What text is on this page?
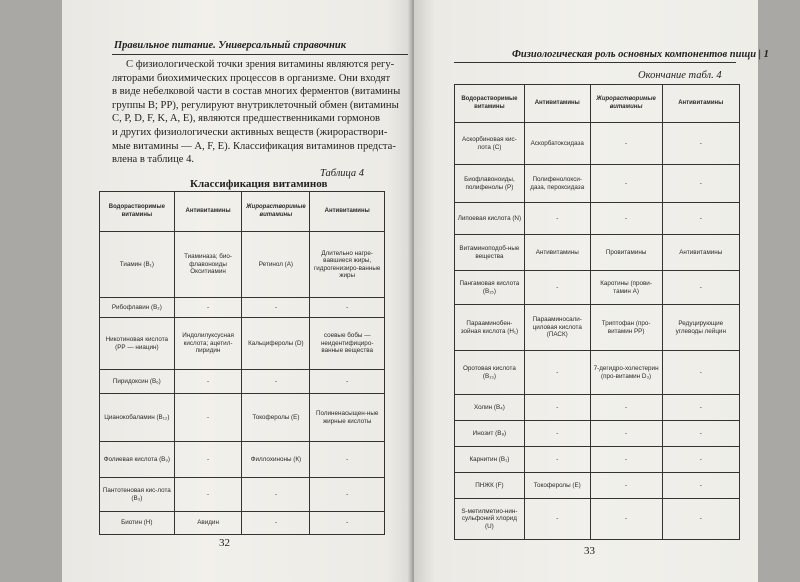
Правильное питание. Универсальный справочник
С физиологической точки зрения витамины являются регу-
ляторами биохимических процессов в организме. Они входят
в виде небелковой части в состав многих ферментов (витамины
группы В; РР), регулируют внутриклеточный обмен (витамины
С, Р, D, F, K, A, E), являются предшественниками гормонов
и других физиологически активных веществ (жирораствори-
мые витамины — А, F, Е). Классификация витаминов предста-
влена в таблице 4.
Таблица 4
Классификация витаминов
Водорастворимые витамины	Антивитамины	Жирорастворимые витамины	Антивитамины
Тиамин (В₁)	Тиаминаза; био-флавоноиды Окситиамин	Ретинол (А)	Длительно нагре-вавшиеся жиры, гидрогенизиро-ванные жиры
Рибофлавин (В₂)	-	-	-
Никотиновая кислота (РР — ниацин)	Индолилуксусная кислота; ацетил-пиридин	Кальциферолы (D)	соевые бобы — неидентифициро-ванные вещества
Пиридоксин (В₆)	-	-	-
Цианокобаламин (В₁₂)	-	Токоферолы (Е)	Полиненасыщен-ные жирные кислоты
Фолиевая кислота (В₉)	-	Филлохиноны (К)	-
Пантотеновая кис-лота (В₃)	-	-	-
Биотин (Н)	Авидин	-	-
32
Физиологическая роль основных компонентов пищи | 1
Окончание табл. 4
Водорастворимые витамины	Антивитамины	Жирорастворимые витамины	Антивитамины
Аскорбиновая кис-лота (С)	Аскорбатоксидаза	-	-
Биофлавоноиды, полифенолы (Р)	Полифенолокси-даза, пероксидаза	-	-
Липоевая кислота (N)	-	-	-
Витаминоподоб-ные вещества	Антивитамины	Провитамины	Антивитамины
Пангамовая кислота (В₁₅)	-	Каротины (прови-тамин А)	-
Парааминобен-зойная кислота (Н₁)	Парааминосали-циловая кислота (ПАСК)	Триптофан (про-витамин РР)	Редуцирующие углеводы лейцин
Оротовая кислота (В₁₃)	-	7-дегидро-холестерин (про-витамин D₃)	-
Холин (В₄)	-	-	-
Инозит (В₈)	-	-	-
Карнитин (В₁)	-	-	-
ПНЖК (F)	Токоферолы (Е)	-	-
S-метилметио-нин-сульфоний хлорид (U)	-	-	-
33
